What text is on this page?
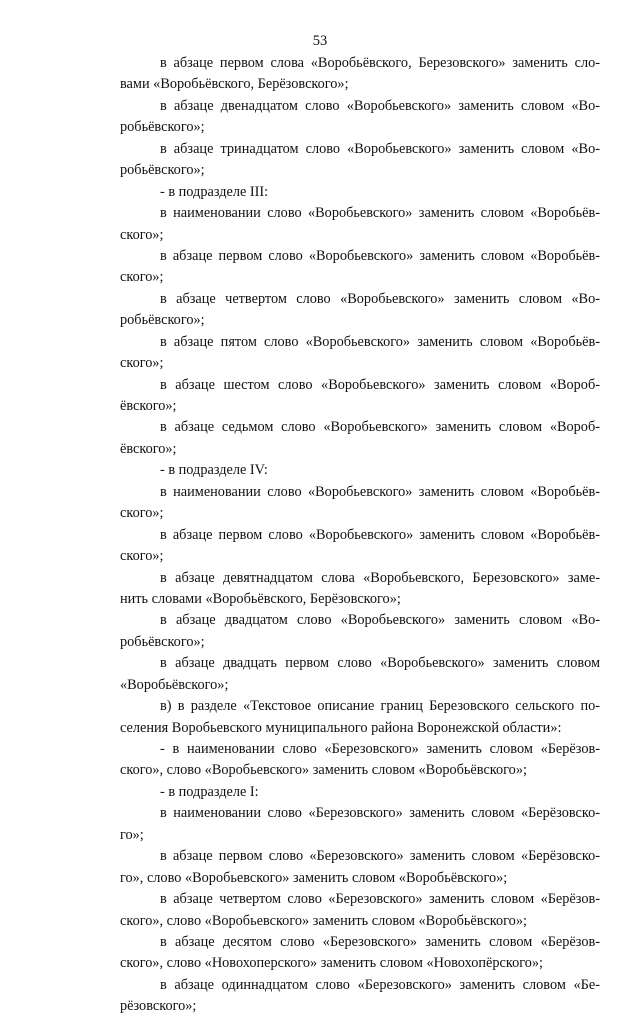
53
в абзаце первом слова «Воробьёвского, Березовского» заменить сло-
вами «Воробьёвского, Берёзовского»;
в абзаце двенадцатом слово «Воробьевского» заменить словом «Во-
робьёвского»;
в абзаце тринадцатом слово «Воробьевского» заменить словом «Во-
робьёвского»;
- в подразделе III:
в наименовании слово «Воробьевского» заменить словом «Воробьёв-
ского»;
в абзаце первом слово «Воробьевского» заменить словом «Воробьёв-
ского»;
в абзаце четвертом слово «Воробьевского» заменить словом «Во-
робьёвского»;
в абзаце пятом слово «Воробьевского» заменить словом «Воробьёв-
ского»;
в абзаце шестом слово «Воробьевского» заменить словом «Вороб-
ёвского»;
в абзаце седьмом слово «Воробьевского» заменить словом «Вороб-
ёвского»;
- в подразделе IV:
в наименовании слово «Воробьевского» заменить словом «Воробьёв-
ского»;
в абзаце первом слово «Воробьевского» заменить словом «Воробьёв-
ского»;
в абзаце девятнадцатом слова «Воробьевского, Березовского» заме-
нить словами «Воробьёвского, Берёзовского»;
в абзаце двадцатом слово «Воробьевского» заменить словом «Во-
робьёвского»;
в абзаце двадцать первом слово «Воробьевского» заменить словом
«Воробьёвского»;
в) в разделе «Текстовое описание границ Березовского сельского по-
селения Воробьевского муниципального района Воронежской области»:
- в наименовании слово «Березовского» заменить словом «Берёзов-
ского», слово «Воробьевского» заменить словом «Воробьёвского»;
- в подразделе I:
в наименовании слово «Березовского» заменить словом «Берёзовско-
го»;
в абзаце первом слово «Березовского» заменить словом «Берёзовско-
го», слово «Воробьевского» заменить словом «Воробьёвского»;
в абзаце четвертом слово «Березовского» заменить словом «Берёзов-
ского», слово «Воробьевского» заменить словом «Воробьёвского»;
в абзаце десятом слово «Березовского» заменить словом «Берёзов-
ского», слово «Новохоперского» заменить словом «Новохопёрского»;
в абзаце одиннадцатом слово «Березовского» заменить словом «Бе-
рёзовского»;
